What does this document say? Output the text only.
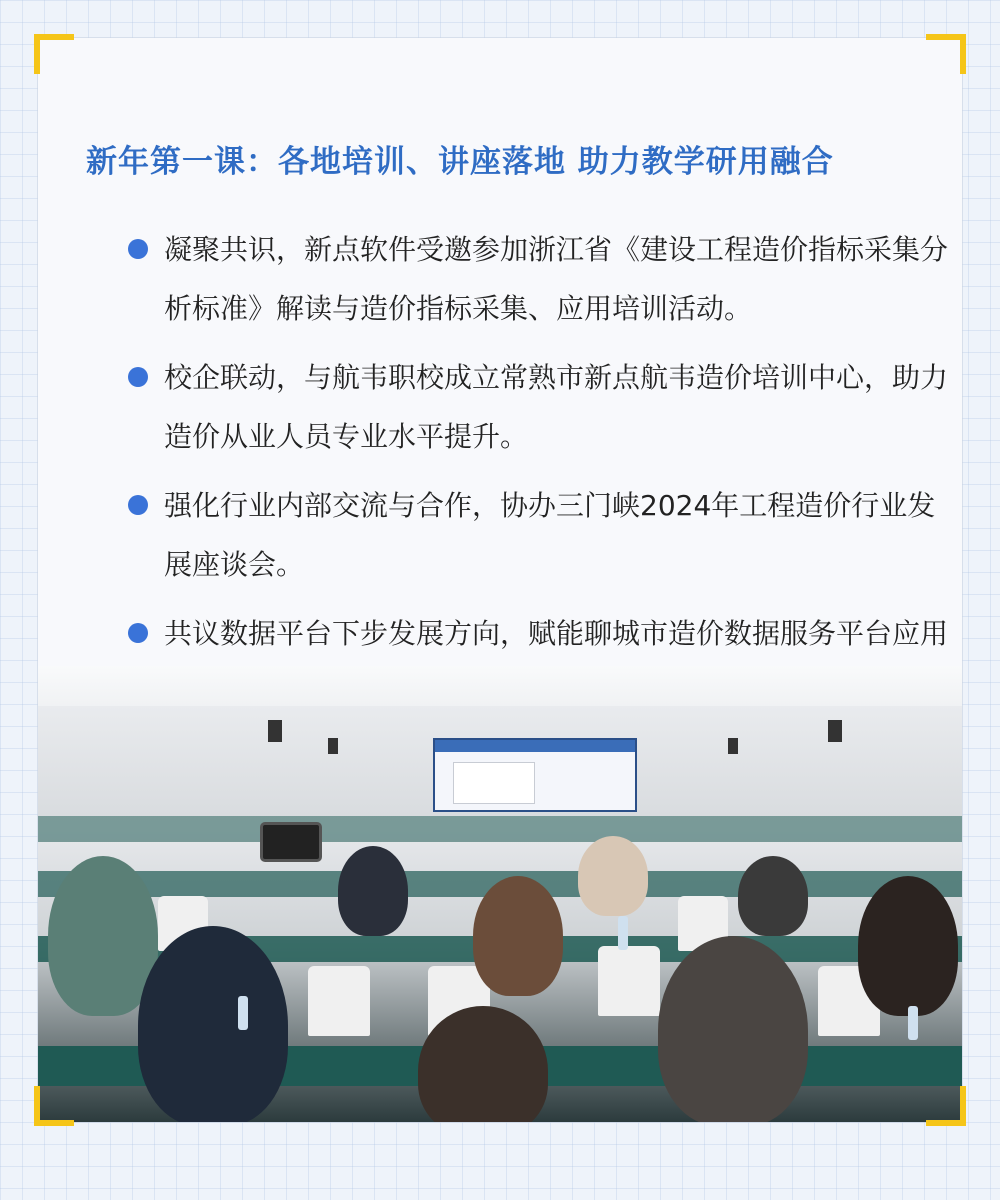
新年第一课：各地培训、讲座落地 助力教学研用融合
凝聚共识，新点软件受邀参加浙江省《建设工程造价指标采集分析标准》解读与造价指标采集、应用培训活动。
校企联动，与航韦职校成立常熟市新点航韦造价培训中心，助力造价从业人员专业水平提升。
强化行业内部交流与合作，协办三门峡2024年工程造价行业发展座谈会。
共议数据平台下步发展方向，赋能聊城市造价数据服务平台应用
